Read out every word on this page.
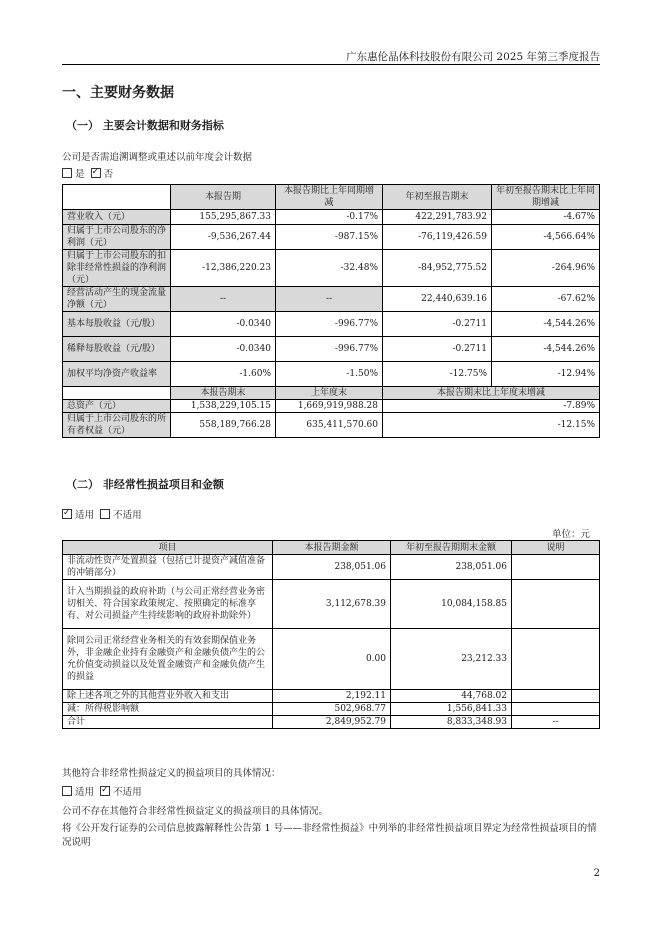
广东惠伦晶体科技股份有限公司 2025 年第三季度报告
一、主要财务数据
（一） 主要会计数据和财务指标
公司是否需追溯调整或重述以前年度会计数据
是 ✓ 否
	本报告期	本报告期比上年同期增减	年初至报告期末	年初至报告期末比上年同期增减
营业收入（元）	155,295,867.33	-0.17%	422,291,783.92	-4.67%
归属于上市公司股东的净利润（元）	-9,536,267.44	-987.15%	-76,119,426.59	-4,566.64%
归属于上市公司股东的扣除非经常性损益的净利润（元）	-12,386,220.23	-32.48%	-84,952,775.52	-264.96%
经营活动产生的现金流量净额（元）	--	--	22,440,639.16	-67.62%
基本每股收益（元/股）	-0.0340	-996.77%	-0.2711	-4,544.26%
稀释每股收益（元/股）	-0.0340	-996.77%	-0.2711	-4,544.26%
加权平均净资产收益率	-1.60%	-1.50%	-12.75%	-12.94%
	本报告期末	上年度末	本报告期末比上年度末增减	
总资产（元）	1,538,229,105.15	1,669,919,988.28	-7.89%	
归属于上市公司股东的所有者权益（元）	558,189,766.28	635,411,570.60	-12.15%	
（二） 非经常性损益项目和金额
✓适用 不适用
单位：元
项目	本报告期金额	年初至报告期期末金额	说明
非流动性资产处置损益（包括已计提资产减值准备的冲销部分）	238,051.06	238,051.06	
计入当期损益的政府补助（与公司正常经营业务密切相关、符合国家政策规定、按照确定的标准享有、对公司损益产生持续影响的政府补助除外）	3,112,678.39	10,084,158.85	
除同公司正常经营业务相关的有效套期保值业务外，非金融企业持有金融资产和金融负债产生的公允价值变动损益以及处置金融资产和金融负债产生的损益	0.00	23,212.33	
除上述各项之外的其他营业外收入和支出	2,192.11	44,768.02	
减：所得税影响额	502,968.77	1,556,841.33	
合计	2,849,952.79	8,833,348.93	--
其他符合非经常性损益定义的损益项目的具体情况：
适用 ✓ 不适用
公司不存在其他符合非经常性损益定义的损益项目的具体情况。
将《公开发行证券的公司信息披露解释性公告第 1 号——非经常性损益》中列举的非经常性损益项目界定为经常性损益项目的情况说明
2
